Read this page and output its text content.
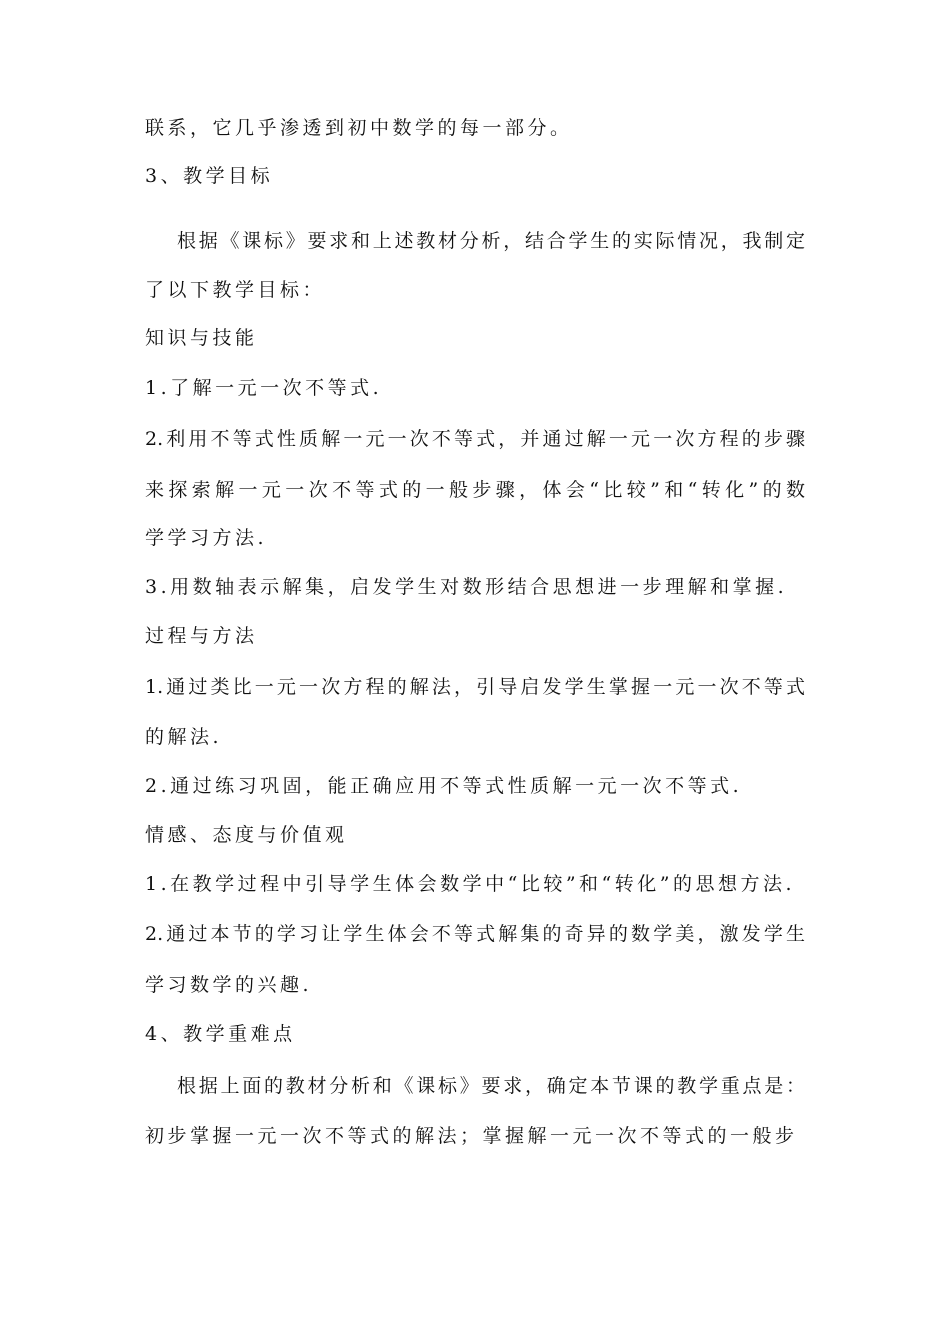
联系，它几乎渗透到初中数学的每一部分。
3、教学目标
根据《课标》要求和上述教材分析，结合学生的实际情况，我制定
了以下教学目标：
知识与技能
1.了解一元一次不等式.
2.利用不等式性质解一元一次不等式，并通过解一元一次方程的步骤
来探索解一元一次不等式的一般步骤，体会“比较”和“转化”的数
学学习方法.
3.用数轴表示解集，启发学生对数形结合思想进一步理解和掌握.
过程与方法
1.通过类比一元一次方程的解法，引导启发学生掌握一元一次不等式
的解法.
2.通过练习巩固，能正确应用不等式性质解一元一次不等式.
情感、态度与价值观
1.在教学过程中引导学生体会数学中“比较”和“转化”的思想方法.
2.通过本节的学习让学生体会不等式解集的奇异的数学美，激发学生
学习数学的兴趣.
4、教学重难点
根据上面的教材分析和《课标》要求，确定本节课的教学重点是：
初步掌握一元一次不等式的解法；掌握解一元一次不等式的一般步
